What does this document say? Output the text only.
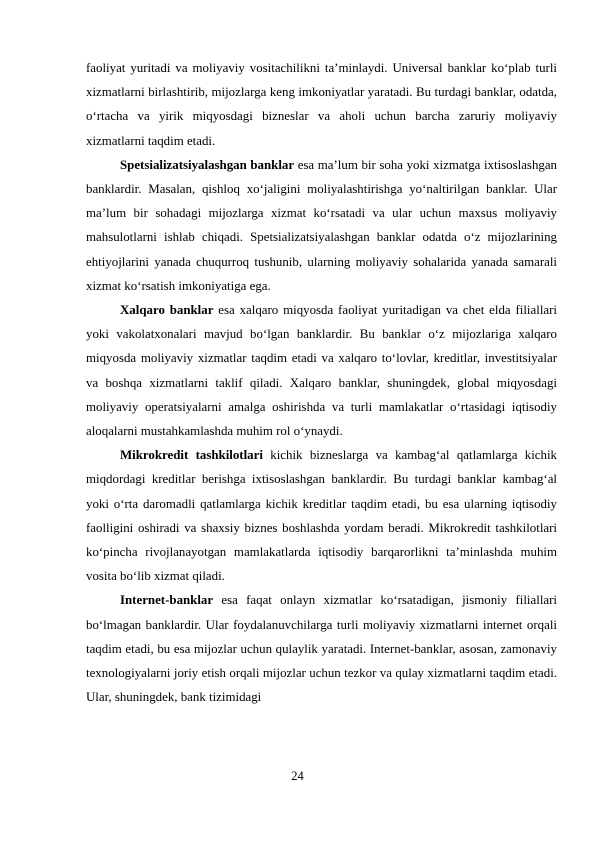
faoliyat yuritadi va moliyaviy vositachilikni ta’minlaydi. Universal banklar ko‘plab turli xizmatlarni birlashtirib, mijozlarga keng imkoniyatlar yaratadi. Bu turdagi banklar, odatda, o‘rtacha va yirik miqyosdagi bizneslar va aholi uchun barcha zaruriy moliyaviy xizmatlarni taqdim etadi.

Spetsializatsiyalashgan banklar esa ma’lum bir soha yoki xizmatga ixtisoslashgan banklardir. Masalan, qishloq xo‘jaligini moliyalashtirishga yo‘naltirilgan banklar. Ular ma’lum bir sohadagi mijozlarga xizmat ko‘rsatadi va ular uchun maxsus moliyaviy mahsulotlarni ishlab chiqadi. Spetsializatsiyalashgan banklar odatda o‘z mijozlarining ehtiyojlarini yanada chuqurroq tushunib, ularning moliyaviy sohalarida yanada samarali xizmat ko‘rsatish imkoniyatiga ega.

Xalqaro banklar esa xalqaro miqyosda faoliyat yuritadigan va chet elda filiallari yoki vakolatxonalari mavjud bo‘lgan banklardir. Bu banklar o‘z mijozlariga xalqaro miqyosda moliyaviy xizmatlar taqdim etadi va xalqaro to‘lovlar, kreditlar, investitsiyalar va boshqa xizmatlarni taklif qiladi. Xalqaro banklar, shuningdek, global miqyosdagi moliyaviy operatsiyalarni amalga oshirishda va turli mamlakatlar o‘rtasidagi iqtisodiy aloqalarni mustahkamlashda muhim rol o‘ynaydi.

Mikrokredit tashkilotlari kichik bizneslarga va kambag‘al qatlamlarga kichik miqdordagi kreditlar berishga ixtisoslashgan banklardir. Bu turdagi banklar kambag‘al yoki o‘rta daromadli qatlamlarga kichik kreditlar taqdim etadi, bu esa ularning iqtisodiy faolligini oshiradi va shaxsiy biznes boshlashda yordam beradi. Mikrokredit tashkilotlari ko‘pincha rivojlanayotgan mamlakatlarda iqtisodiy barqarorlikni ta’minlashda muhim vosita bo‘lib xizmat qiladi.

Internet-banklar esa faqat onlayn xizmatlar ko‘rsatadigan, jismoniy filiallari bo‘lmagan banklardir. Ular foydalanuvchilarga turli moliyaviy xizmatlarni internet orqali taqdim etadi, bu esa mijozlar uchun qulaylik yaratadi. Internet-banklar, asosan, zamonaviy texnologiyalarni joriy etish orqali mijozlar uchun tezkor va qulay xizmatlarni taqdim etadi. Ular, shuningdek, bank tizimidagi

24
